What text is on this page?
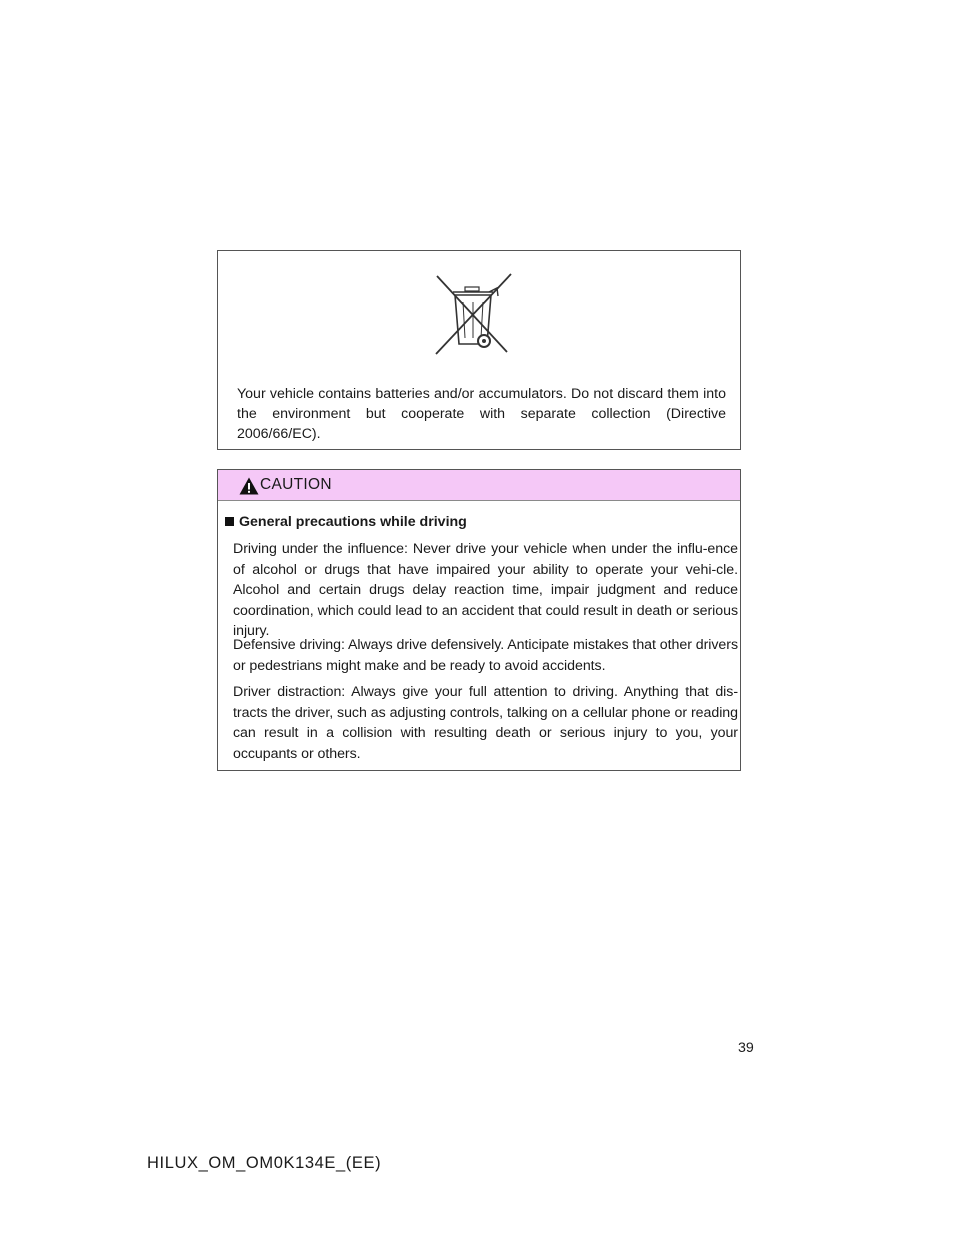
Your vehicle contains batteries and/or accumulators. Do not discard them into the environment but cooperate with separate collection (Directive 2006/66/EC).

CAUTION
General precautions while driving

Driving under the influence: Never drive your vehicle when under the influ-ence of alcohol or drugs that have impaired your ability to operate your vehi-cle. Alcohol and certain drugs delay reaction time, impair judgment and reduce coordination, which could lead to an accident that could result in death or serious injury.

Defensive driving: Always drive defensively. Anticipate mistakes that other drivers or pedestrians might make and be ready to avoid accidents.

Driver distraction: Always give your full attention to driving. Anything that dis-tracts the driver, such as adjusting controls, talking on a cellular phone or reading can result in a collision with resulting death or serious injury to you, your occupants or others.

39
HILUX_OM_OM0K134E_(EE)
